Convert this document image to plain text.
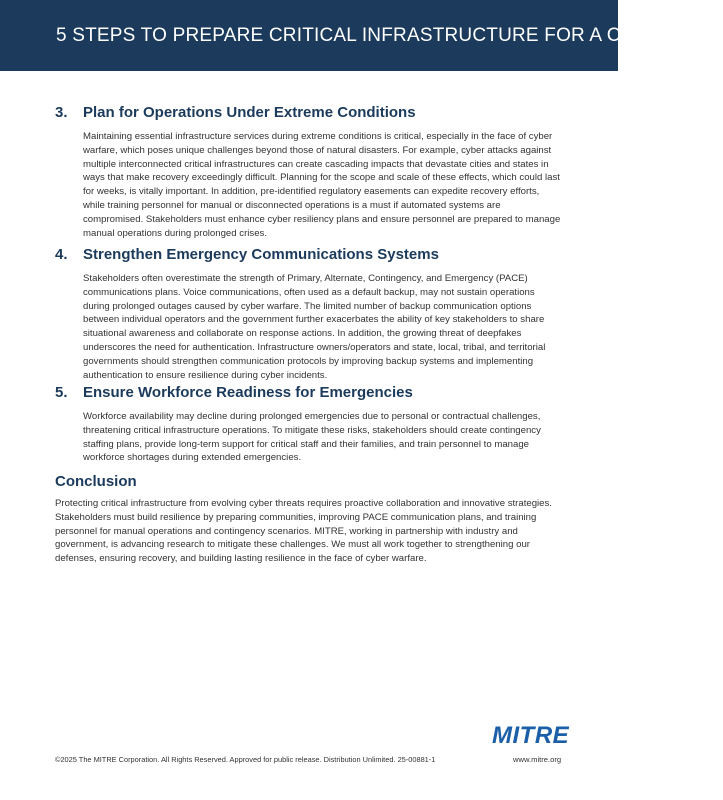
5 STEPS TO PREPARE CRITICAL INFRASTRUCTURE FOR A CYBER WAR
3. Plan for Operations Under Extreme Conditions
Maintaining essential infrastructure services during extreme conditions is critical, especially in the face of cyber warfare, which poses unique challenges beyond those of natural disasters. For example, cyber attacks against multiple interconnected critical infrastructures can create cascading impacts that devastate cities and states in ways that make recovery exceedingly difficult. Planning for the scope and scale of these effects, which could last for weeks, is vitally important. In addition, pre-identified regulatory easements can expedite recovery efforts, while training personnel for manual or disconnected operations is a must if automated systems are compromised. Stakeholders must enhance cyber resiliency plans and ensure personnel are prepared to manage manual operations during prolonged crises.
4. Strengthen Emergency Communications Systems
Stakeholders often overestimate the strength of Primary, Alternate, Contingency, and Emergency (PACE) communications plans. Voice communications, often used as a default backup, may not sustain operations during prolonged outages caused by cyber warfare. The limited number of backup communication options between individual operators and the government further exacerbates the ability of key stakeholders to share situational awareness and collaborate on response actions. In addition, the growing threat of deepfakes underscores the need for authentication. Infrastructure owners/operators and state, local, tribal, and territorial governments should strengthen communication protocols by improving backup systems and implementing authentication to ensure resilience during cyber incidents.
5. Ensure Workforce Readiness for Emergencies
Workforce availability may decline during prolonged emergencies due to personal or contractual challenges, threatening critical infrastructure operations. To mitigate these risks, stakeholders should create contingency staffing plans, provide long-term support for critical staff and their families, and train personnel to manage workforce shortages during extended emergencies.
Conclusion
Protecting critical infrastructure from evolving cyber threats requires proactive collaboration and innovative strategies. Stakeholders must build resilience by preparing communities, improving PACE communication plans, and training personnel for manual operations and contingency scenarios. MITRE, working in partnership with industry and government, is advancing research to mitigate these challenges. We must all work together to strengthening our defenses, ensuring recovery, and building lasting resilience in the face of cyber warfare.
MITRE
©2025 The MITRE Corporation. All Rights Reserved. Approved for public release. Distribution Unlimited. 25-00881-1	www.mitre.org
